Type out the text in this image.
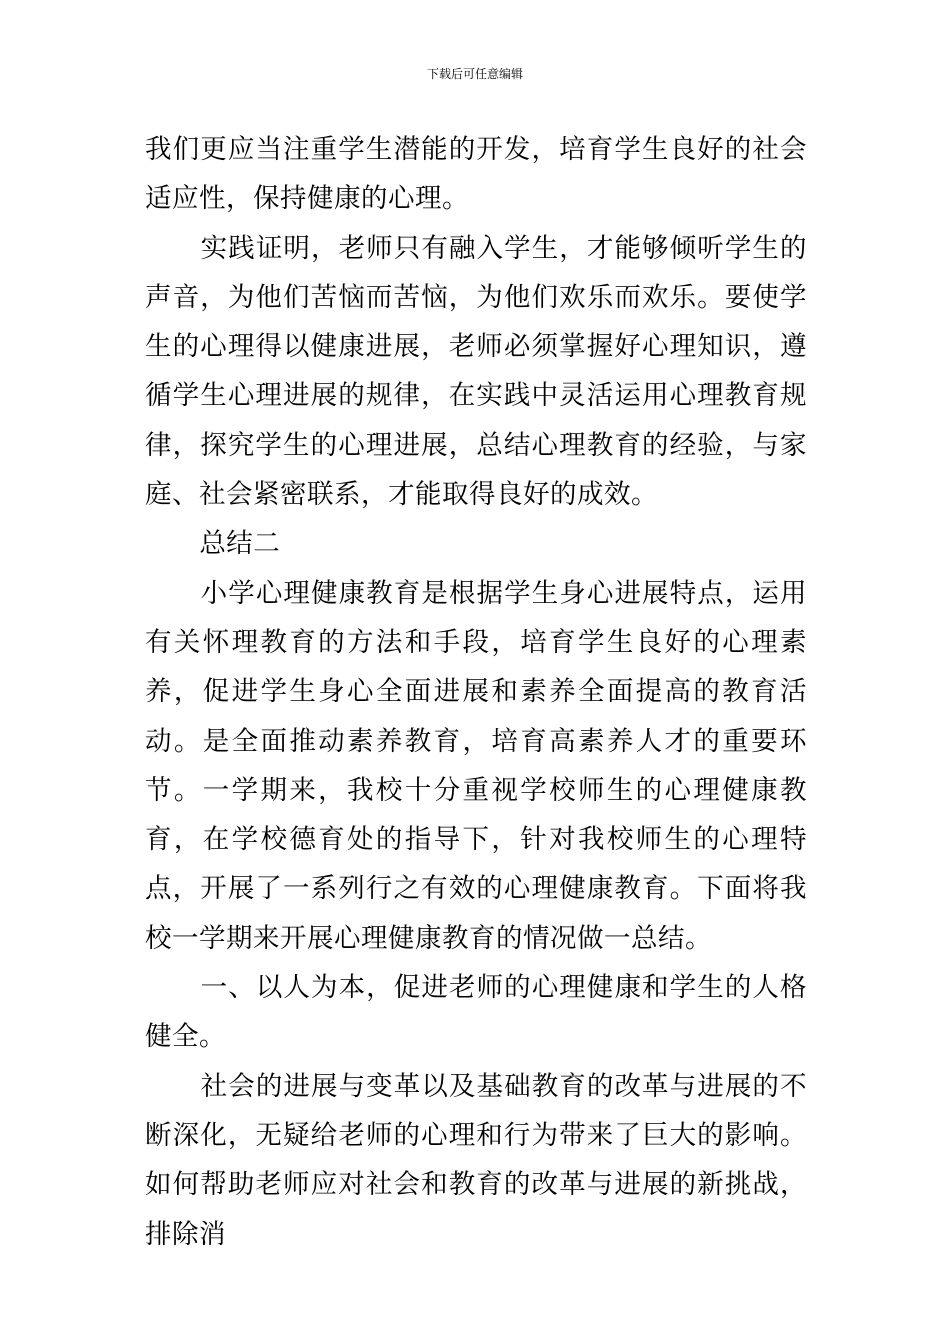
下载后可任意编辑

我们更应当注重学生潜能的开发，培育学生良好的社会适应性，保持健康的心理。

实践证明，老师只有融入学生，才能够倾听学生的声音，为他们苦恼而苦恼，为他们欢乐而欢乐。要使学生的心理得以健康进展，老师必须掌握好心理知识，遵循学生心理进展的规律，在实践中灵活运用心理教育规律，探究学生的心理进展，总结心理教育的经验，与家庭、社会紧密联系，才能取得良好的成效。

总结二

小学心理健康教育是根据学生身心进展特点，运用有关怀理教育的方法和手段，培育学生良好的心理素养，促进学生身心全面进展和素养全面提高的教育活动。是全面推动素养教育，培育高素养人才的重要环节。一学期来，我校十分重视学校师生的心理健康教育，在学校德育处的指导下，针对我校师生的心理特点，开展了一系列行之有效的心理健康教育。下面将我校一学期来开展心理健康教育的情况做一总结。

一、以人为本，促进老师的心理健康和学生的人格健全。

社会的进展与变革以及基础教育的改革与进展的不断深化，无疑给老师的心理和行为带来了巨大的影响。如何帮助老师应对社会和教育的改革与进展的新挑战，排除消
